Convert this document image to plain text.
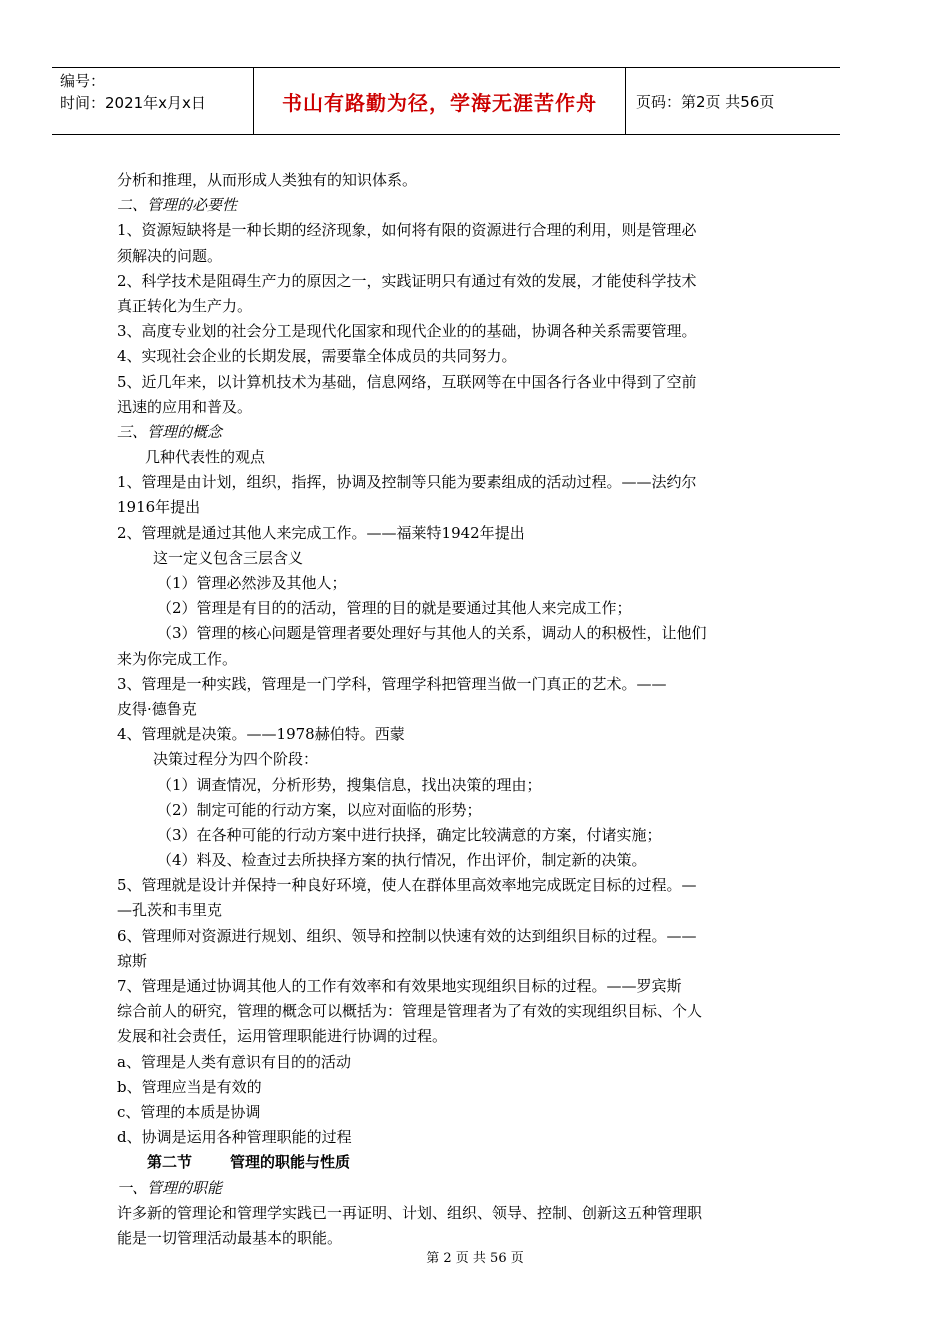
编号：
时间：2021年x月x日	书山有路勤为径，学海无涯苦作舟	页码：第2页 共56页
分析和推理，从而形成人类独有的知识体系。
二、管理的必要性
1、资源短缺将是一种长期的经济现象，如何将有限的资源进行合理的利用，则是管理必
须解决的问题。
2、科学技术是阻碍生产力的原因之一，实践证明只有通过有效的发展，才能使科学技术
真正转化为生产力。
3、高度专业划的社会分工是现代化国家和现代企业的的基础，协调各种关系需要管理。
4、实现社会企业的长期发展，需要靠全体成员的共同努力。
5、近几年来，以计算机技术为基础，信息网络，互联网等在中国各行各业中得到了空前
迅速的应用和普及。
三、管理的概念
几种代表性的观点
1、管理是由计划，组织，指挥，协调及控制等只能为要素组成的活动过程。——法约尔
1916年提出
2、管理就是通过其他人来完成工作。——福莱特1942年提出
这一定义包含三层含义
（1）管理必然涉及其他人；
（2）管理是有目的的活动，管理的目的就是要通过其他人来完成工作；
（3）管理的核心问题是管理者要处理好与其他人的关系，调动人的积极性，让他们
来为你完成工作。
3、管理是一种实践，管理是一门学科，管理学科把管理当做一门真正的艺术。——
皮得·德鲁克
4、管理就是决策。——1978赫伯特。西蒙
决策过程分为四个阶段：
（1）调查情况，分析形势，搜集信息，找出决策的理由；
（2）制定可能的行动方案，以应对面临的形势；
（3）在各种可能的行动方案中进行抉择，确定比较满意的方案，付诸实施；
（4）料及、检查过去所抉择方案的执行情况，作出评价，制定新的决策。
5、管理就是设计并保持一种良好环境，使人在群体里高效率地完成既定目标的过程。—
—孔茨和韦里克
6、管理师对资源进行规划、组织、领导和控制以快速有效的达到组织目标的过程。——
琼斯
7、管理是通过协调其他人的工作有效率和有效果地实现组织目标的过程。——罗宾斯
综合前人的研究，管理的概念可以概括为：管理是管理者为了有效的实现组织目标、个人
发展和社会责任，运用管理职能进行协调的过程。
a、管理是人类有意识有目的的活动
b、管理应当是有效的
c、管理的本质是协调
d、协调是运用各种管理职能的过程
第二节	管理的职能与性质
一、管理的职能
许多新的管理论和管理学实践已一再证明、计划、组织、领导、控制、创新这五种管理职
能是一切管理活动最基本的职能。
第 2 页 共 56 页
